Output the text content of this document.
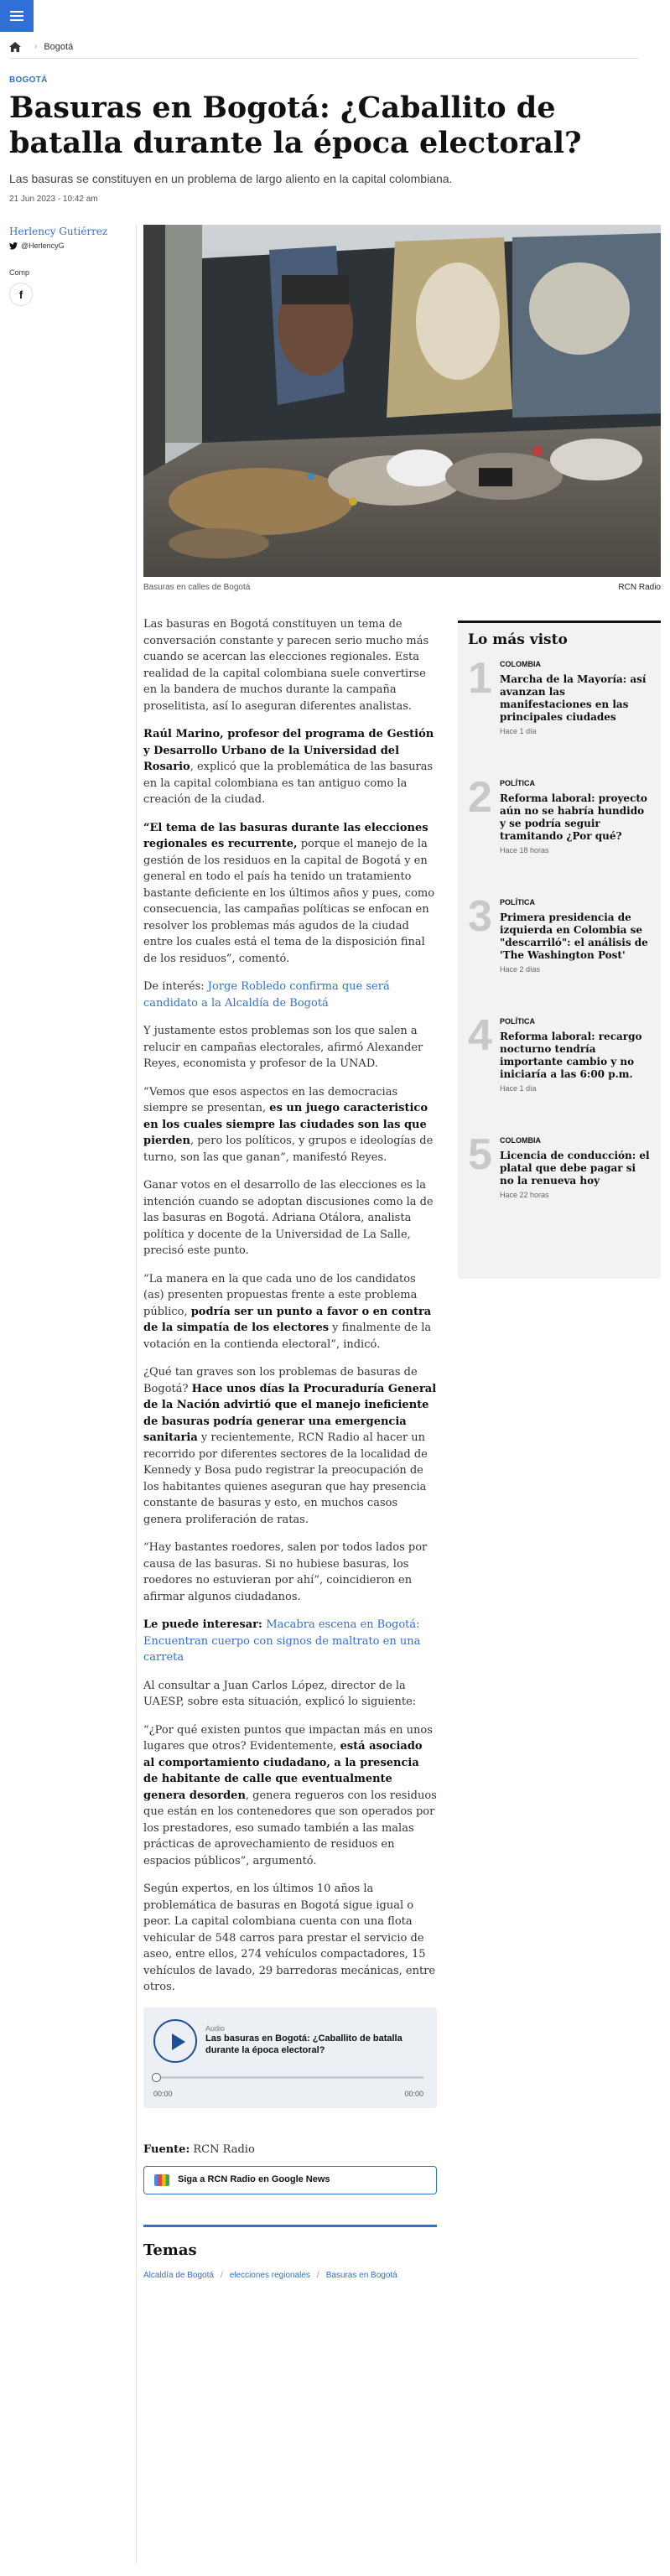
› Bogotá
BOGOTÁ
Basuras en Bogotá: ¿Caballito de batalla durante la época electoral?

Las basuras se constituyen en un problema de largo aliento en la capital colombiana.

21 Jun 2023 - 10:42 am
Herlency Gutiérrez
@HerlencyG
Comp
f
Basuras en calles de Bogotá	RCN Radio

Las basuras en Bogotá constituyen un tema de conversación constante y parecen serio mucho más cuando se acercan las elecciones regionales. Esta realidad de la capital colombiana suele convertirse en la bandera de muchos durante la campaña proselitista, así lo aseguran diferentes analistas.

Raúl Marino, profesor del programa de Gestión y Desarrollo Urbano de la Universidad del Rosario, explicó que la problemática de las basuras en la capital colombiana es tan antiguo como la creación de la ciudad.

“El tema de las basuras durante las elecciones regionales es recurrente, porque el manejo de la gestión de los residuos en la capital de Bogotá y en general en todo el país ha tenido un tratamiento bastante deficiente en los últimos años y pues, como consecuencia, las campañas políticas se enfocan en resolver los problemas más agudos de la ciudad entre los cuales está el tema de la disposición final de los residuos”, comentó.

De interés: Jorge Robledo confirma que será candidato a la Alcaldía de Bogotá

Y justamente estos problemas son los que salen a relucir en campañas electorales, afirmó Alexander Reyes, economista y profesor de la UNAD.

“Vemos que esos aspectos en las democracias siempre se presentan, es un juego caracteristico en los cuales siempre las ciudades son las que pierden, pero los políticos, y grupos e ideologías de turno, son las que ganan”, manifestó Reyes.

Ganar votos en el desarrollo de las elecciones es la intención cuando se adoptan discusiones como la de las basuras en Bogotá. Adriana Otálora, analista política y docente de la Universidad de La Salle, precisó este punto.

“La manera en la que cada uno de los candidatos (as) presenten propuestas frente a este problema público, podría ser un punto a favor o en contra de la simpatía de los electores y finalmente de la votación en la contienda electoral”, indicó.

¿Qué tan graves son los problemas de basuras de Bogotá? Hace unos días la Procuraduría General de la Nación advirtió que el manejo ineficiente de basuras podría generar una emergencia sanitaria y recientemente, RCN Radio al hacer un recorrido por diferentes sectores de la localidad de Kennedy y Bosa pudo registrar la preocupación de los habitantes quienes aseguran que hay presencia constante de basuras y esto, en muchos casos genera proliferación de ratas.

“Hay bastantes roedores, salen por todos lados por causa de las basuras. Si no hubiese basuras, los roedores no estuvieran por ahí”, coincidieron en afirmar algunos ciudadanos.

Le puede interesar: Macabra escena en Bogotá: Encuentran cuerpo con signos de maltrato en una carreta

Al consultar a Juan Carlos López, director de la UAESP, sobre esta situación, explicó lo siguiente:

“¿Por qué existen puntos que impactan más en unos lugares que otros? Evidentemente, está asociado al comportamiento ciudadano, a la presencia de habitante de calle que eventualmente genera desorden, genera regueros con los residuos que están en los contenedores que son operados por los prestadores, eso sumado también a las malas prácticas de aprovechamiento de residuos en espacios públicos”, argumentó.

Según expertos, en los últimos 10 años la problemática de basuras en Bogotá sigue igual o peor. La capital colombiana cuenta con una flota vehicular de 548 carros para prestar el servicio de aseo, entre ellos, 274 vehículos compactadores, 15 vehículos de lavado, 29 barredoras mecánicas, entre otros.

Audio
Las basuras en Bogotá: ¿Caballito de batalla durante la época electoral?
00:00	00:00
Fuente: RCN Radio
Siga a RCN Radio en Google News
Temas
Alcaldía de Bogotá / elecciones regionales / Basuras en Bogotá
Lo más visto
1 COLOMBIA
Marcha de la Mayoría: así avanzan las manifestaciones en las principales ciudades
Hace 1 día
2 POLÍTICA
Reforma laboral: proyecto aún no se habría hundido y se podría seguir tramitando ¿Por qué?
Hace 18 horas
3 POLÍTICA
Primera presidencia de izquierda en Colombia se "descarriló": el análisis de 'The Washington Post'
Hace 2 días
4 POLÍTICA
Reforma laboral: recargo nocturno tendría importante cambio y no iniciaría a las 6:00 p.m.
Hace 1 día
5 COLOMBIA
Licencia de conducción: el platal que debe pagar si no la renueva hoy
Hace 22 horas
